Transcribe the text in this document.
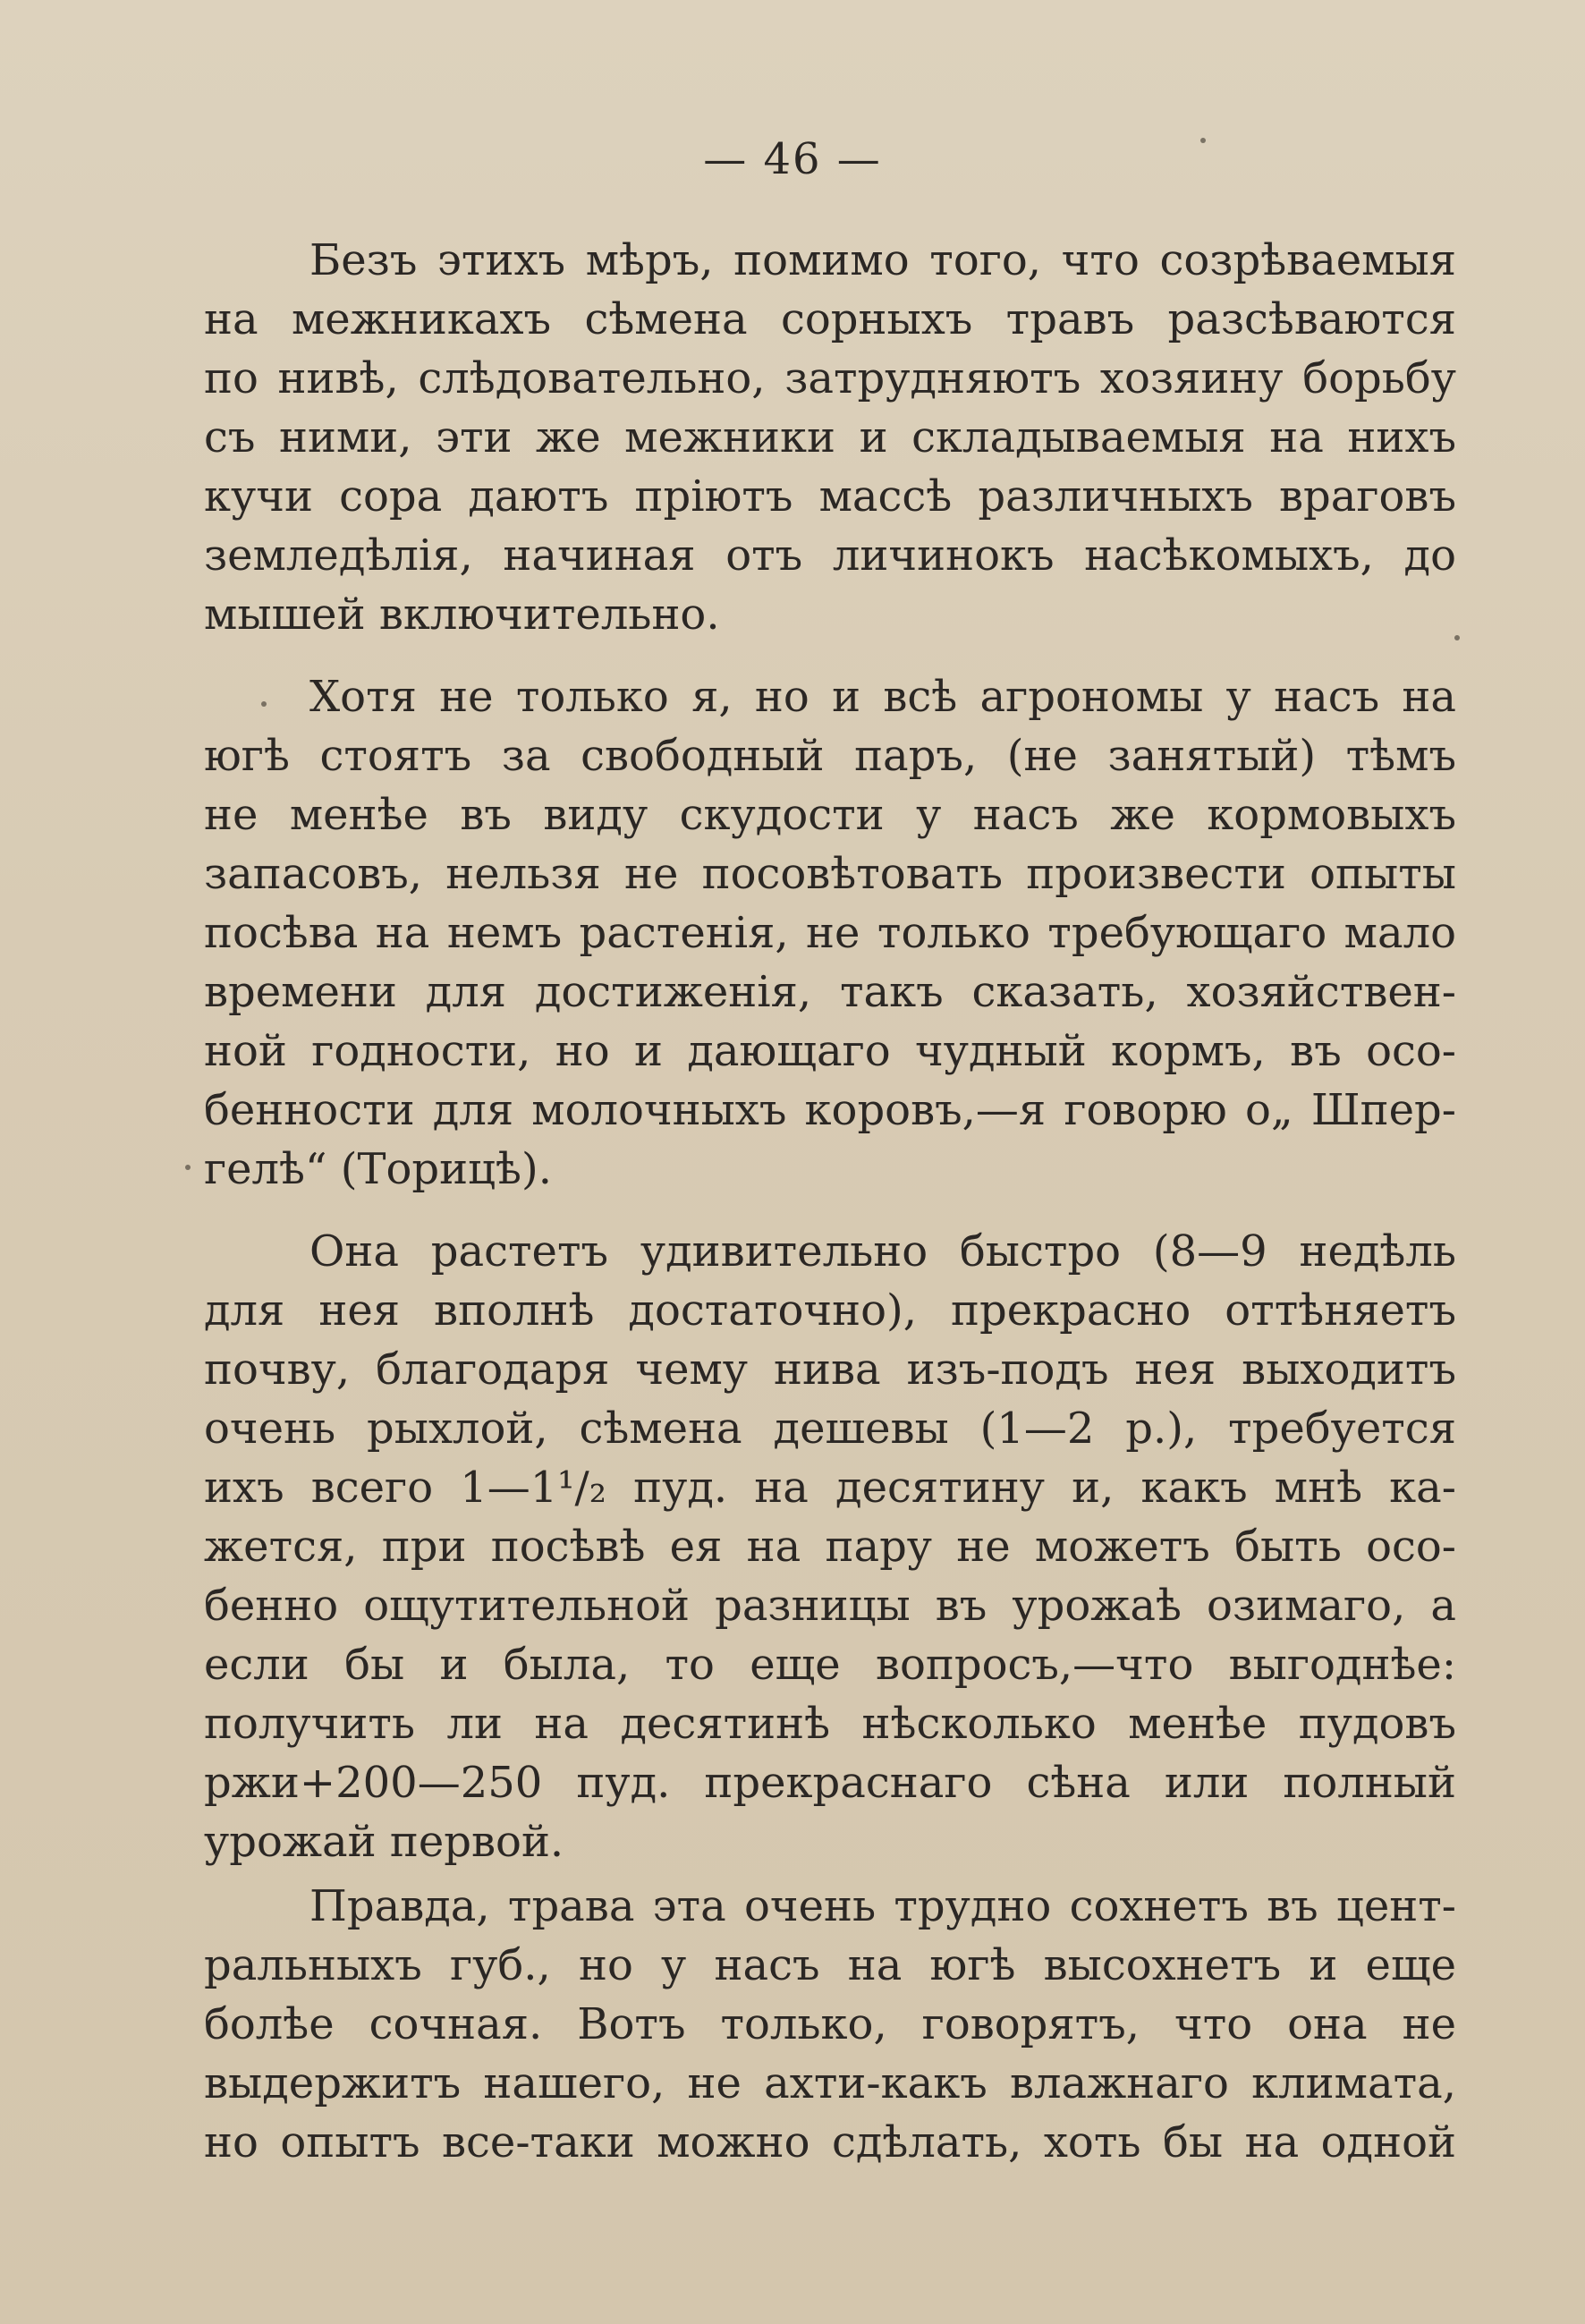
— 46 —
Безъ этихъ мѣръ, помимо того, что созрѣваемыя
на межникахъ сѣмена сорныхъ травъ разсѣваются
по нивѣ, слѣдовательно, затрудняютъ хозяину борьбу
съ ними, эти же межники и складываемыя на нихъ
кучи сора даютъ прiютъ массѣ различныхъ враговъ
земледѣлiя, начиная отъ личинокъ насѣкомыхъ, до
мышей включительно.
Хотя не только я, но и всѣ агрономы у насъ на
югѣ стоятъ за свободный паръ, (не занятый) тѣмъ
не менѣе въ виду скудости у насъ же кормовыхъ
запасовъ, нельзя не посовѣтовать произвести опыты
посѣва на немъ растенiя, не только требующаго мало
времени для достиженiя, такъ сказать, хозяйствен-
ной годности, но и дающаго чудный кормъ, въ осо-
бенности для молочныхъ коровъ,—я говорю о„ Шпер-
гелѣ“ (Торицѣ).
Она растетъ удивительно быстро (8—9 недѣль
для нея вполнѣ достаточно), прекрасно оттѣняетъ
почву, благодаря чему нива изъ-подъ нея выходитъ
очень рыхлой, сѣмена дешевы (1—2 р.), требуется
ихъ всего 1—1¹/₂ пуд. на десятину и, какъ мнѣ ка-
жется, при посѣвѣ ея на пару не можетъ быть осо-
бенно ощутительной разницы въ урожаѣ озимаго, а
если бы и была, то еще вопросъ,—что выгоднѣе:
получить ли на десятинѣ нѣсколько менѣе пудовъ
ржи+200—250 пуд. прекраснаго сѣна или полный
урожай первой.
Правда, трава эта очень трудно сохнетъ въ цент-
ральныхъ губ., но у насъ на югѣ высохнетъ и еще
болѣе сочная. Вотъ только, говорятъ, что она не
выдержитъ нашего, не ахти-какъ влажнаго климата,
но опытъ все-таки можно сдѣлать, хоть бы на одной
